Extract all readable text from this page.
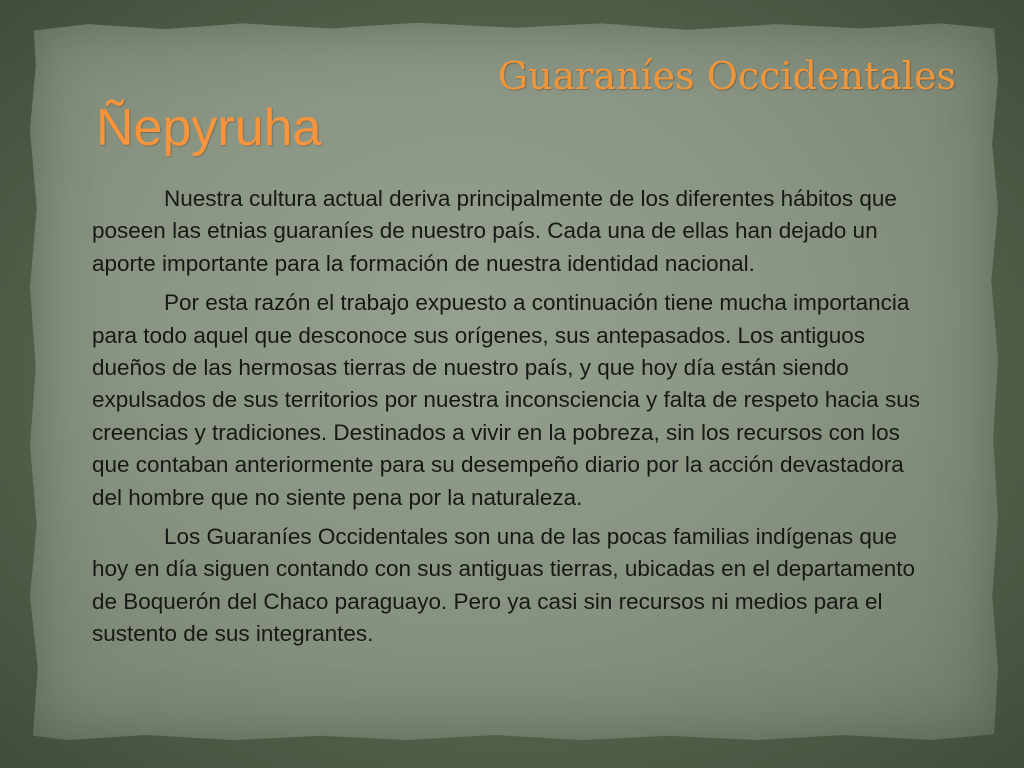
Guaraníes Occidentales
Ñepyruha

Nuestra cultura actual deriva principalmente de los diferentes hábitos que poseen las etnias guaraníes de nuestro país. Cada una de ellas han dejado un aporte importante para la formación de nuestra identidad nacional.

Por esta razón el trabajo expuesto a continuación tiene mucha importancia para todo aquel que desconoce sus orígenes, sus antepasados. Los antiguos dueños de las hermosas tierras de nuestro país, y que hoy día están siendo expulsados de sus territorios por nuestra inconsciencia y falta de respeto hacia sus creencias y tradiciones. Destinados a vivir en la pobreza, sin los recursos con los que contaban anteriormente para su desempeño diario por la acción devastadora del hombre que no siente pena por la naturaleza.

Los Guaraníes Occidentales son una de las pocas familias indígenas que hoy en día siguen contando con sus antiguas tierras, ubicadas en el departamento de Boquerón del Chaco paraguayo. Pero ya casi sin recursos ni medios para el sustento de sus integrantes.
